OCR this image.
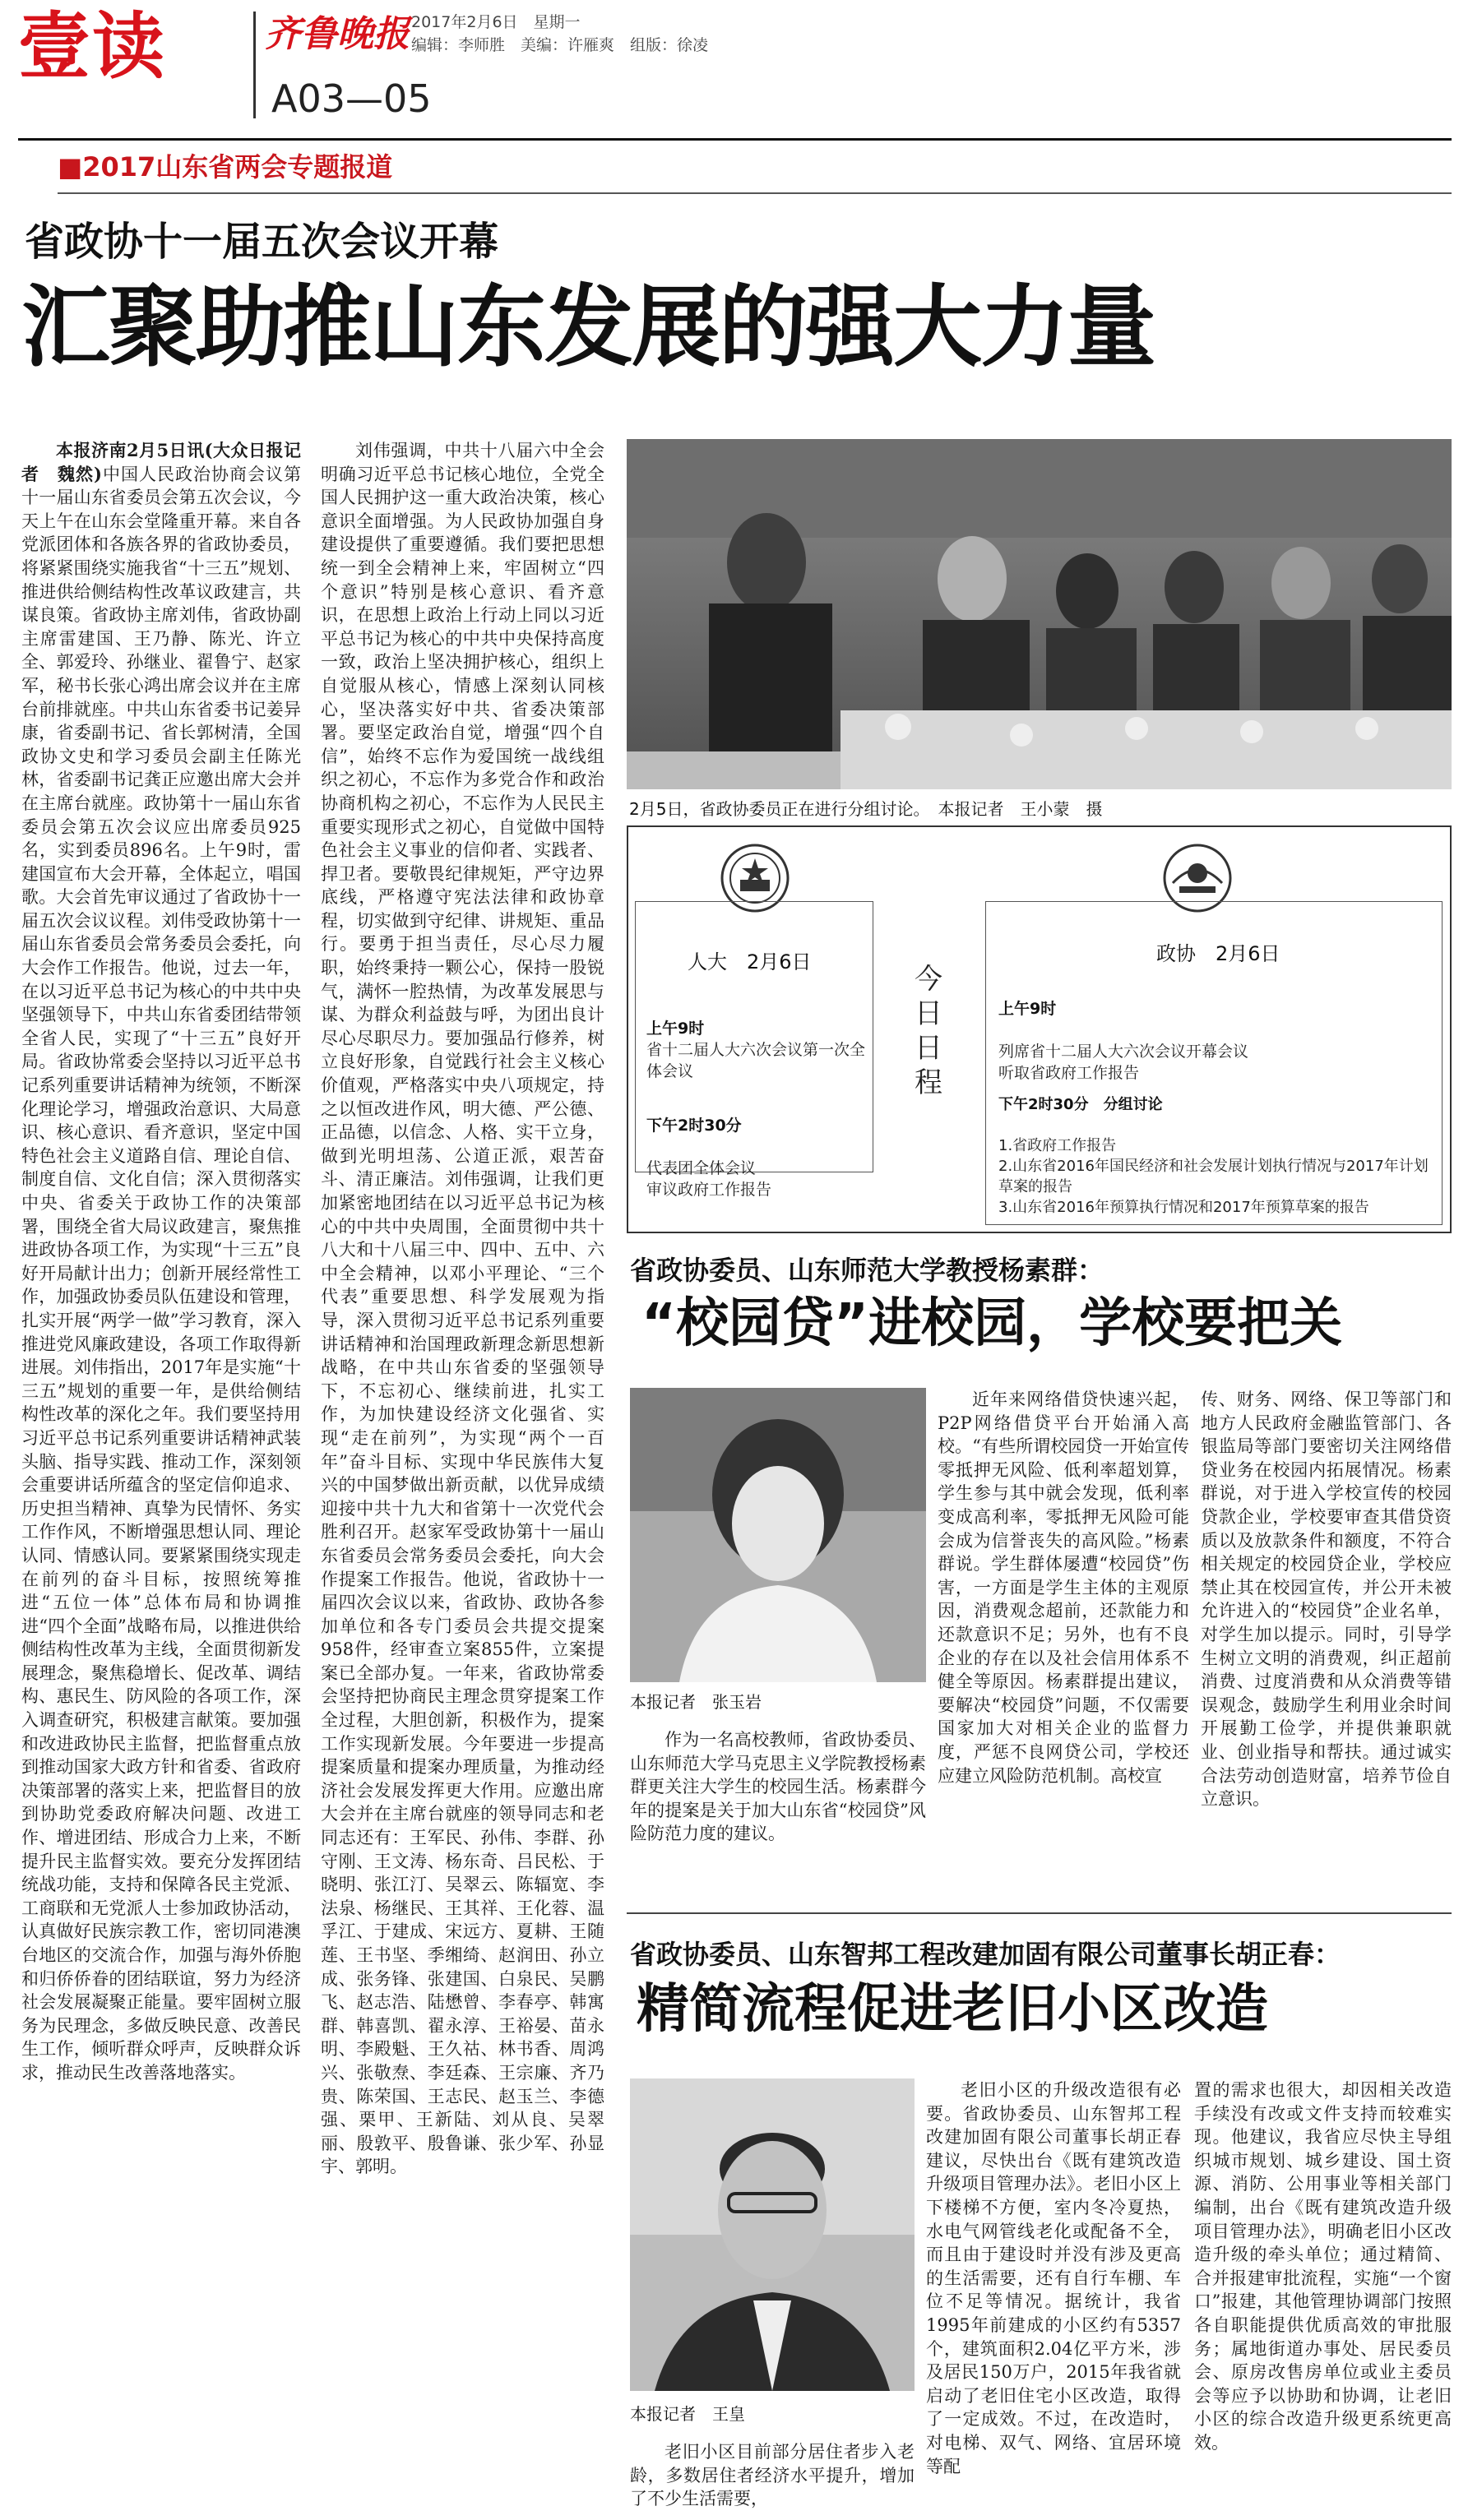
壹读	齐鲁晚报 2017年2月6日　星期一
编辑：李师胜　美编：许雁爽　组版：徐凌
A03—05
■2017山东省两会专题报道
省政协十一届五次会议开幕
汇聚助推山东发展的强大力量

本报济南2月5日讯(大众日报记者　魏然)中国人民政治协商会议第十一届山东省委员会第五次会议，今天上午在山东会堂隆重开幕。来自各党派团体和各族各界的省政协委员，将紧紧围绕实施我省“十三五”规划、推进供给侧结构性改革议政建言，共谋良策。省政协主席刘伟，省政协副主席雷建国、王乃静、陈光、许立全、郭爱玲、孙继业、翟鲁宁、赵家军，秘书长张心鸿出席会议并在主席台前排就座。中共山东省委书记姜异康，省委副书记、省长郭树清，全国政协文史和学习委员会副主任陈光林，省委副书记龚正应邀出席大会并在主席台就座。政协第十一届山东省委员会第五次会议应出席委员925名，实到委员896名。上午9时，雷建国宣布大会开幕，全体起立，唱国歌。大会首先审议通过了省政协十一届五次会议议程。刘伟受政协第十一届山东省委员会常务委员会委托，向大会作工作报告。他说，过去一年，在以习近平总书记为核心的中共中央坚强领导下，中共山东省委团结带领全省人民，实现了“十三五”良好开局。省政协常委会坚持以习近平总书记系列重要讲话精神为统领，不断深化理论学习，增强政治意识、大局意识、核心意识、看齐意识，坚定中国特色社会主义道路自信、理论自信、制度自信、文化自信；深入贯彻落实中央、省委关于政协工作的决策部署，围绕全省大局议政建言，聚焦推进政协各项工作，为实现“十三五”良好开局献计出力；创新开展经常性工作，加强政协委员队伍建设和管理，扎实开展“两学一做”学习教育，深入推进党风廉政建设，各项工作取得新进展。刘伟指出，2017年是实施“十三五”规划的重要一年，是供给侧结构性改革的深化之年。我们要坚持用习近平总书记系列重要讲话精神武装头脑、指导实践、推动工作，深刻领会重要讲话所蕴含的坚定信仰追求、历史担当精神、真挚为民情怀、务实工作作风，不断增强思想认同、理论认同、情感认同。要紧紧围绕实现走在前列的奋斗目标，按照统筹推进“五位一体”总体布局和协调推进“四个全面”战略布局，以推进供给侧结构性改革为主线，全面贯彻新发展理念，聚焦稳增长、促改革、调结构、惠民生、防风险的各项工作，深入调查研究，积极建言献策。要加强和改进政协民主监督，把监督重点放到推动国家大政方针和省委、省政府决策部署的落实上来，把监督目的放到协助党委政府解决问题、改进工作、增进团结、形成合力上来，不断提升民主监督实效。要充分发挥团结统战功能，支持和保障各民主党派、工商联和无党派人士参加政协活动，认真做好民族宗教工作，密切同港澳台地区的交流合作，加强与海外侨胞和归侨侨眷的团结联谊，努力为经济社会发展凝聚正能量。要牢固树立服务为民理念，多做反映民意、改善民生工作，倾听群众呼声，反映群众诉求，推动民生改善落地落实。

刘伟强调，中共十八届六中全会明确习近平总书记核心地位，全党全国人民拥护这一重大政治决策，核心意识全面增强。为人民政协加强自身建设提供了重要遵循。我们要把思想统一到全会精神上来，牢固树立“四个意识”特别是核心意识、看齐意识，在思想上政治上行动上同以习近平总书记为核心的中共中央保持高度一致，政治上坚决拥护核心，组织上自觉服从核心，情感上深刻认同核心，坚决落实好中共、省委决策部署。要坚定政治自觉，增强“四个自信”，始终不忘作为爱国统一战线组织之初心，不忘作为多党合作和政治协商机构之初心，不忘作为人民民主重要实现形式之初心，自觉做中国特色社会主义事业的信仰者、实践者、捍卫者。要敬畏纪律规矩，严守边界底线，严格遵守宪法法律和政协章程，切实做到守纪律、讲规矩、重品行。要勇于担当责任，尽心尽力履职，始终秉持一颗公心，保持一股锐气，满怀一腔热情，为改革发展思与谋、为群众利益鼓与呼，为团出良计尽心尽职尽力。要加强品行修养，树立良好形象，自觉践行社会主义核心价值观，严格落实中央八项规定，持之以恒改进作风，明大德、严公德、正品德，以信念、人格、实干立身，做到光明坦荡、公道正派，艰苦奋斗、清正廉洁。刘伟强调，让我们更加紧密地团结在以习近平总书记为核心的中共中央周围，全面贯彻中共十八大和十八届三中、四中、五中、六中全会精神，以邓小平理论、“三个代表”重要思想、科学发展观为指导，深入贯彻习近平总书记系列重要讲话精神和治国理政新理念新思想新战略，在中共山东省委的坚强领导下，不忘初心、继续前进，扎实工作，为加快建设经济文化强省、实现“走在前列”，为实现“两个一百年”奋斗目标、实现中华民族伟大复兴的中国梦做出新贡献，以优异成绩迎接中共十九大和省第十一次党代会胜利召开。赵家军受政协第十一届山东省委员会常务委员会委托，向大会作提案工作报告。他说，省政协十一届四次会议以来，省政协、政协各参加单位和各专门委员会共提交提案958件，经审查立案855件，立案提案已全部办复。一年来，省政协常委会坚持把协商民主理念贯穿提案工作全过程，大胆创新，积极作为，提案工作实现新发展。今年要进一步提高提案质量和提案办理质量，为推动经济社会发展发挥更大作用。应邀出席大会并在主席台就座的领导同志和老同志还有：王军民、孙伟、李群、孙守刚、王文涛、杨东奇、吕民松、于晓明、张江汀、吴翠云、陈辐宽、李法泉、杨继民、王其祥、王化蓉、温孚江、于建成、宋远方、夏耕、王随莲、王书坚、季缃绮、赵润田、孙立成、张务锋、张建国、白泉民、吴鹏飞、赵志浩、陆懋曾、李春亭、韩寓群、韩喜凯、翟永淳、王裕晏、苗永明、李殿魁、王久祜、林书香、周鸿兴、张敬焘、李廷森、王宗廉、齐乃贵、陈荣国、王志民、赵玉兰、李德强、栗甲、王新陆、刘从良、吴翠丽、殷敦平、殷鲁谦、张少军、孙显宇、郭明。

2月5日，省政协委员正在进行分组讨论。　本报记者　王小蒙　摄
人大　2月6日
上午9时
省十二届人大六次会议第一次全体会议

下午2时30分

代表团全体会议
审议政府工作报告

今日日程
政协　2月6日

上午9时

列席省十二届人大六次会议开幕会议
听取省政府工作报告

下午2时30分　分组讨论

1.省政府工作报告
2.山东省2016年国民经济和社会发展计划执行情况与2017年计划草案的报告
3.山东省2016年预算执行情况和2017年预算草案的报告

省政协委员、山东师范大学教授杨素群：
“校园贷”进校园，学校要把关
本报记者　张玉岩

作为一名高校教师，省政协委员、山东师范大学马克思主义学院教授杨素群更关注大学生的校园生活。杨素群今年的提案是关于加大山东省“校园贷”风险防范力度的建议。

近年来网络借贷快速兴起，P2P网络借贷平台开始涌入高校。“有些所谓校园贷一开始宣传零抵押无风险、低利率超划算，学生参与其中就会发现，低利率变成高利率，零抵押无风险可能会成为信誉丧失的高风险。”杨素群说。学生群体屡遭“校园贷”伤害，一方面是学生主体的主观原因，消费观念超前，还款能力和还款意识不足；另外，也有不良企业的存在以及社会信用体系不健全等原因。杨素群提出建议，要解决“校园贷”问题，不仅需要国家加大对相关企业的监督力度，严惩不良网贷公司，学校还应建立风险防范机制。高校宣

传、财务、网络、保卫等部门和地方人民政府金融监管部门、各银监局等部门要密切关注网络借贷业务在校园内拓展情况。杨素群说，对于进入学校宣传的校园贷款企业，学校要审查其借贷资质以及放款条件和额度，不符合相关规定的校园贷企业，学校应禁止其在校园宣传，并公开未被允许进入的“校园贷”企业名单，对学生加以提示。同时，引导学生树立文明的消费观，纠正超前消费、过度消费和从众消费等错误观念，鼓励学生利用业余时间开展勤工俭学，并提供兼职就业、创业指导和帮扶。通过诚实合法劳动创造财富，培养节俭自立意识。

省政协委员、山东智邦工程改建加固有限公司董事长胡正春：
精简流程促进老旧小区改造
本报记者　王皇

老旧小区目前部分居住者步入老龄，多数居住者经济水平提升，增加了不少生活需要，

老旧小区的升级改造很有必要。省政协委员、山东智邦工程改建加固有限公司董事长胡正春建议，尽快出台《既有建筑改造升级项目管理办法》。老旧小区上下楼梯不方便，室内冬冷夏热，水电气网管线老化或配备不全，而且由于建设时并没有涉及更高的生活需要，还有自行车棚、车位不足等情况。据统计，我省1995年前建成的小区约有5357个，建筑面积2.04亿平方米，涉及居民150万户，2015年我省就启动了老旧住宅小区改造，取得了一定成效。不过，在改造时，对电梯、双气、网络、宜居环境等配

置的需求也很大，却因相关改造手续没有改或文件支持而较难实现。他建议，我省应尽快主导组织城市规划、城乡建设、国土资源、消防、公用事业等相关部门编制，出台《既有建筑改造升级项目管理办法》，明确老旧小区改造升级的牵头单位；通过精简、合并报建审批流程，实施“一个窗口”报建，其他管理协调部门按照各自职能提供优质高效的审批服务；属地街道办事处、居民委员会、原房改售房单位或业主委员会等应予以协助和协调，让老旧小区的综合改造升级更系统更高效。
